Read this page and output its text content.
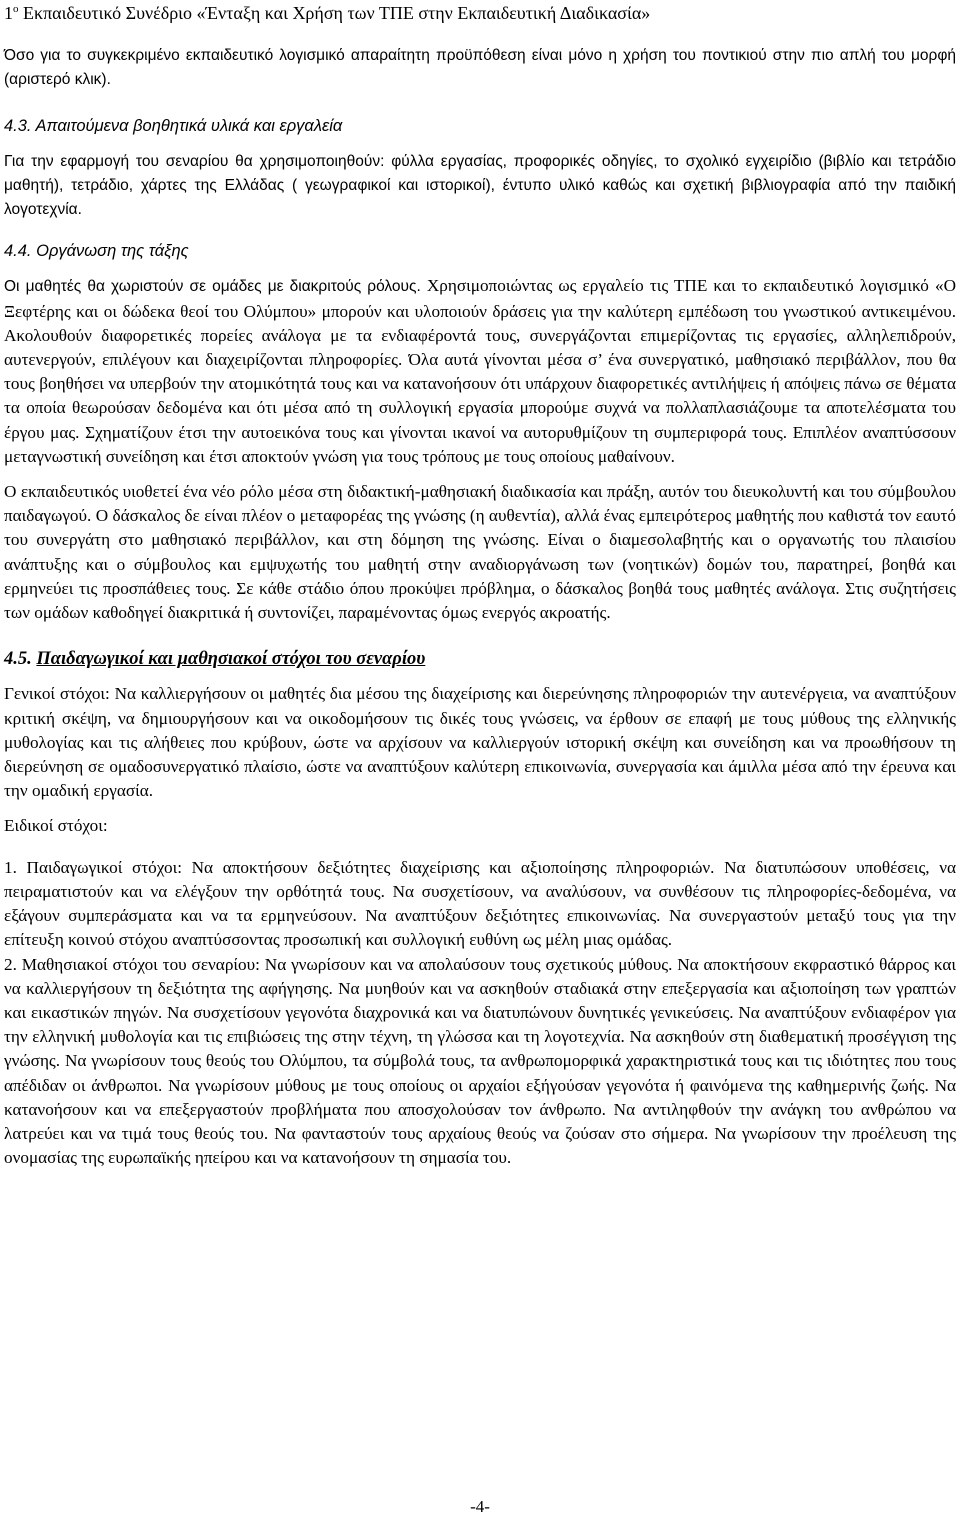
$1^o$ Εκπαιδευτικό Συνέδριο «Ένταξη και Χρήση των ΤΠΕ στην Εκπαιδευτική Διαδικασία»

Όσο για το συγκεκριμένο εκπαιδευτικό λογισμικό απαραίτητη προϋπόθεση είναι μόνο η χρήση του ποντικιού στην πιο απλή του μορφή (αριστερό κλικ).

4.3. Απαιτούμενα βοηθητικά υλικά και εργαλεία

Για την εφαρμογή του σεναρίου θα χρησιμοποιηθούν: φύλλα εργασίας, προφορικές οδηγίες, το σχολικό εγχειρίδιο (βιβλίο και τετράδιο μαθητή), τετράδιο, χάρτες της Ελλάδας ( γεωγραφικοί και ιστορικοί), έντυπο υλικό καθώς και σχετική βιβλιογραφία από την παιδική λογοτεχνία.

4.4. Οργάνωση της τάξης

Οι μαθητές θα χωριστούν σε ομάδες με διακριτούς ρόλους. Χρησιμοποιώντας ως εργαλείο τις ΤΠΕ και το εκπαιδευτικό λογισμικό «Ο Ξεφτέρης και οι δώδεκα θεοί του Ολύμπου» μπορούν και υλοποιούν δράσεις για την καλύτερη εμπέδωση του γνωστικού αντικειμένου. Ακολουθούν διαφορετικές πορείες ανάλογα με τα ενδιαφέροντά τους, συνεργάζονται επιμερίζοντας τις εργασίες, αλληλεπιδρούν, αυτενεργούν, επιλέγουν και διαχειρίζονται πληροφορίες. Όλα αυτά γίνονται μέσα σ’ ένα συνεργατικό, μαθησιακό περιβάλλον, που θα τους βοηθήσει να υπερβούν την ατομικότητά τους και να κατανοήσουν ότι υπάρχουν διαφορετικές αντιλήψεις ή απόψεις πάνω σε θέματα τα οποία θεωρούσαν δεδομένα και ότι μέσα από τη συλλογική εργασία μπορούμε συχνά να πολλαπλασιάζουμε τα αποτελέσματα του έργου μας. Σχηματίζουν έτσι την αυτοεικόνα τους και γίνονται ικανοί να αυτορυθμίζουν τη συμπεριφορά τους. Επιπλέον αναπτύσσουν μεταγνωστική συνείδηση και έτσι αποκτούν γνώση για τους τρόπους με τους οποίους μαθαίνουν.

Ο εκπαιδευτικός υιοθετεί ένα νέο ρόλο μέσα στη διδακτική-μαθησιακή διαδικασία και πράξη, αυτόν του διευκολυντή και του σύμβουλου παιδαγωγού. Ο δάσκαλος δε είναι πλέον ο μεταφορέας της γνώσης (η αυθεντία), αλλά ένας εμπειρότερος μαθητής που καθιστά τον εαυτό του συνεργάτη στο μαθησιακό περιβάλλον, και στη δόμηση της γνώσης. Είναι ο διαμεσολαβητής και ο οργανωτής του πλαισίου ανάπτυξης και ο σύμβουλος και εμψυχωτής του μαθητή στην αναδιοργάνωση των (νοητικών) δομών του, παρατηρεί, βοηθά και ερμηνεύει τις προσπάθειες τους. Σε κάθε στάδιο όπου προκύψει πρόβλημα, ο δάσκαλος βοηθά τους μαθητές ανάλογα. Στις συζητήσεις των ομάδων καθοδηγεί διακριτικά ή συντονίζει, παραμένοντας όμως ενεργός ακροατής.

4.5. Παιδαγωγικοί και μαθησιακοί στόχοι του σεναρίου

Γενικοί στόχοι: Να καλλιεργήσουν οι μαθητές δια μέσου της διαχείρισης και διερεύνησης πληροφοριών την αυτενέργεια, να αναπτύξουν κριτική σκέψη, να δημιουργήσουν και να οικοδομήσουν τις δικές τους γνώσεις, να έρθουν σε επαφή με τους μύθους της ελληνικής μυθολογίας και τις αλήθειες που κρύβουν, ώστε να αρχίσουν να καλλιεργούν ιστορική σκέψη και συνείδηση και να προωθήσουν τη διερεύνηση σε ομαδοσυνεργατικό πλαίσιο, ώστε να αναπτύξουν καλύτερη επικοινωνία, συνεργασία και άμιλλα μέσα από την έρευνα και την ομαδική εργασία.

Ειδικοί στόχοι:

1. Παιδαγωγικοί στόχοι: Να αποκτήσουν δεξιότητες διαχείρισης και αξιοποίησης πληροφοριών. Να διατυπώσουν υποθέσεις, να πειραματιστούν και να ελέγξουν την ορθότητά τους. Να συσχετίσουν, να αναλύσουν, να συνθέσουν τις πληροφορίες-δεδομένα, να εξάγουν συμπεράσματα και να τα ερμηνεύσουν. Να αναπτύξουν δεξιότητες επικοινωνίας. Να συνεργαστούν μεταξύ τους για την επίτευξη κοινού στόχου αναπτύσσοντας προσωπική και συλλογική ευθύνη ως μέλη μιας ομάδας.

2. Μαθησιακοί στόχοι του σεναρίου: Να γνωρίσουν και να απολαύσουν τους σχετικούς μύθους. Να αποκτήσουν εκφραστικό θάρρος και να καλλιεργήσουν τη δεξιότητα της αφήγησης. Να μυηθούν και να ασκηθούν σταδιακά στην επεξεργασία και αξιοποίηση των γραπτών και εικαστικών πηγών. Να συσχετίσουν γεγονότα διαχρονικά και να διατυπώνουν δυνητικές γενικεύσεις. Να αναπτύξουν ενδιαφέρον για την ελληνική μυθολογία και τις επιβιώσεις της στην τέχνη, τη γλώσσα και τη λογοτεχνία. Να ασκηθούν στη διαθεματική προσέγγιση της γνώσης. Να γνωρίσουν τους θεούς του Ολύμπου, τα σύμβολά τους, τα ανθρωπομορφικά χαρακτηριστικά τους και τις ιδιότητες που τους απέδιδαν οι άνθρωποι. Να γνωρίσουν μύθους με τους οποίους οι αρχαίοι εξήγούσαν γεγονότα ή φαινόμενα της καθημερινής ζωής. Να κατανοήσουν και να επεξεργαστούν προβλήματα που αποσχολούσαν τον άνθρωπο. Να αντιληφθούν την ανάγκη του ανθρώπου να λατρεύει και να τιμά τους θεούς του. Να φανταστούν τους αρχαίους θεούς να ζούσαν στο σήμερα. Να γνωρίσουν την προέλευση της ονομασίας της ευρωπαϊκής ηπείρου και να κατανοήσουν τη σημασία του.

-4-
